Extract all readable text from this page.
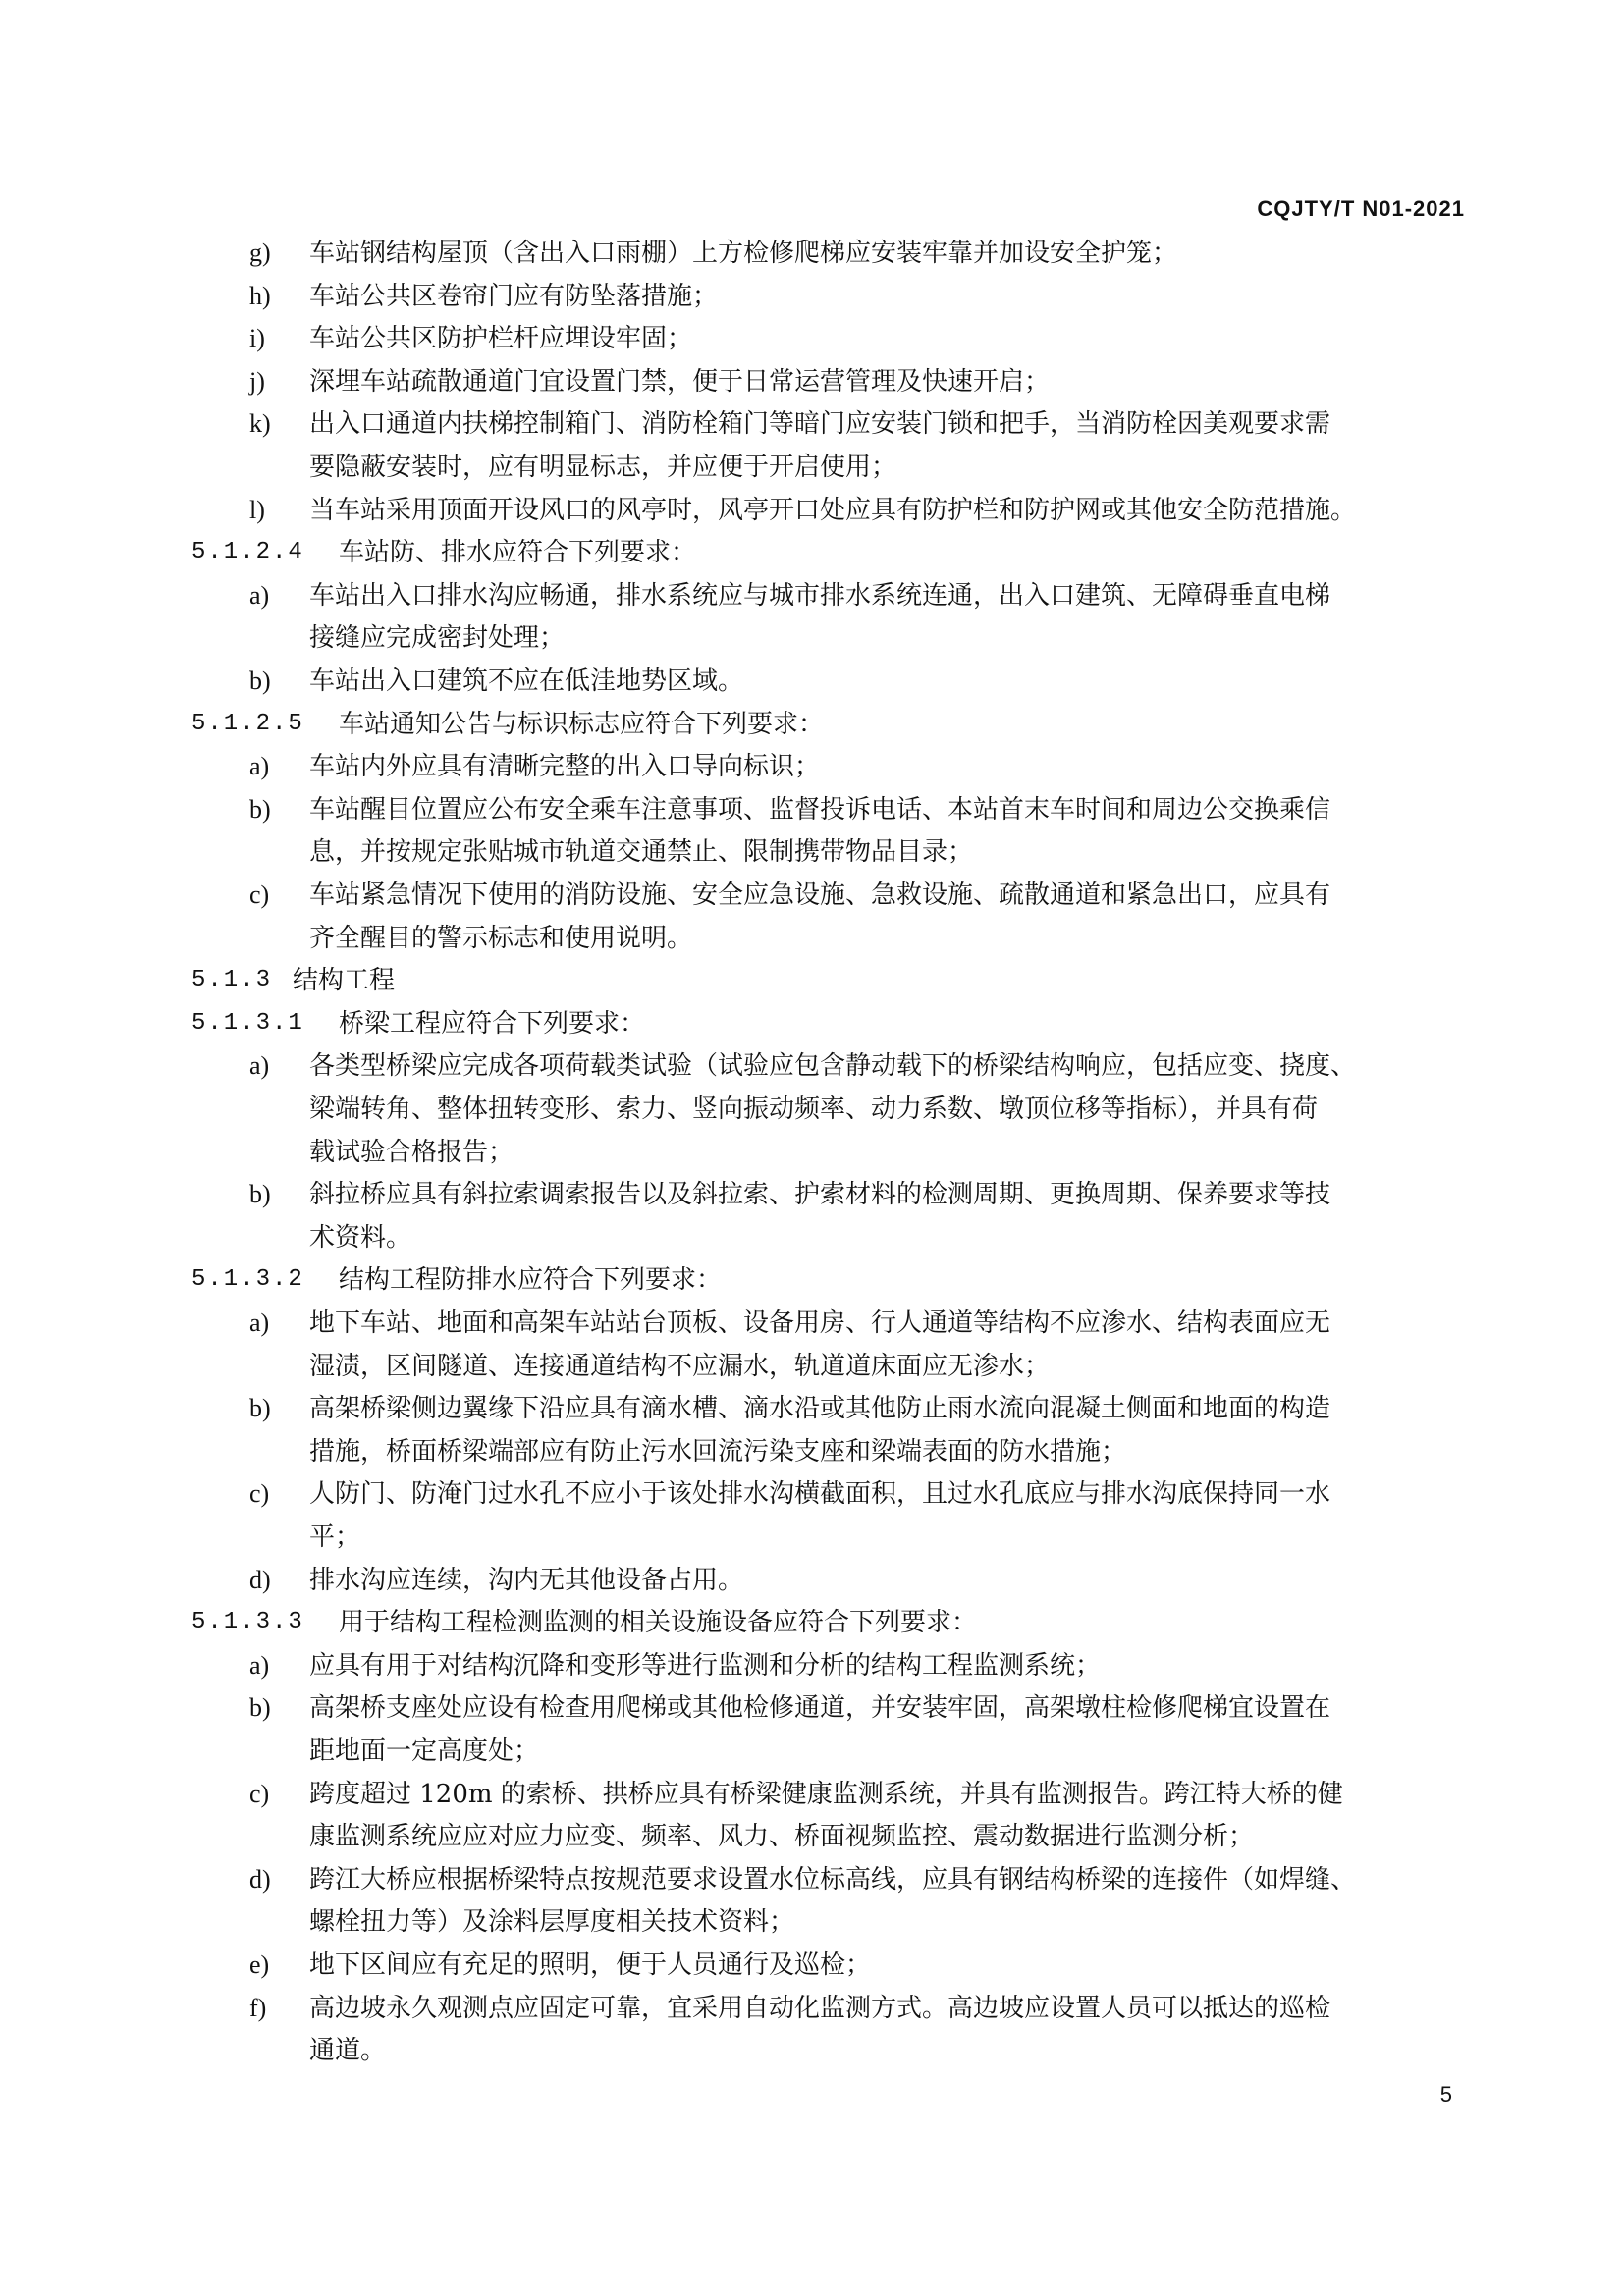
CQJTY/T N01-2021
g) 车站钢结构屋顶（含出入口雨棚）上方检修爬梯应安装牢靠并加设安全护笼；
h) 车站公共区卷帘门应有防坠落措施；
i) 车站公共区防护栏杆应埋设牢固；
j) 深埋车站疏散通道门宜设置门禁，便于日常运营管理及快速开启；
k) 出入口通道内扶梯控制箱门、消防栓箱门等暗门应安装门锁和把手，当消防栓因美观要求需
要隐蔽安装时，应有明显标志，并应便于开启使用；
l) 当车站采用顶面开设风口的风亭时，风亭开口处应具有防护栏和防护网或其他安全防范措施。
5.1.2.4 车站防、排水应符合下列要求：
a) 车站出入口排水沟应畅通，排水系统应与城市排水系统连通，出入口建筑、无障碍垂直电梯
接缝应完成密封处理；
b) 车站出入口建筑不应在低洼地势区域。
5.1.2.5 车站通知公告与标识标志应符合下列要求：
a) 车站内外应具有清晰完整的出入口导向标识；
b) 车站醒目位置应公布安全乘车注意事项、监督投诉电话、本站首末车时间和周边公交换乘信
息，并按规定张贴城市轨道交通禁止、限制携带物品目录；
c) 车站紧急情况下使用的消防设施、安全应急设施、急救设施、疏散通道和紧急出口，应具有
齐全醒目的警示标志和使用说明。
5.1.3 结构工程
5.1.3.1 桥梁工程应符合下列要求：
a) 各类型桥梁应完成各项荷载类试验（试验应包含静动载下的桥梁结构响应，包括应变、挠度、
梁端转角、整体扭转变形、索力、竖向振动频率、动力系数、墩顶位移等指标），并具有荷
载试验合格报告；
b) 斜拉桥应具有斜拉索调索报告以及斜拉索、护索材料的检测周期、更换周期、保养要求等技
术资料。
5.1.3.2 结构工程防排水应符合下列要求：
a) 地下车站、地面和高架车站站台顶板、设备用房、行人通道等结构不应渗水、结构表面应无
湿渍，区间隧道、连接通道结构不应漏水，轨道道床面应无渗水；
b) 高架桥梁侧边翼缘下沿应具有滴水槽、滴水沿或其他防止雨水流向混凝土侧面和地面的构造
措施，桥面桥梁端部应有防止污水回流污染支座和梁端表面的防水措施；
c) 人防门、防淹门过水孔不应小于该处排水沟横截面积，且过水孔底应与排水沟底保持同一水
平；
d) 排水沟应连续，沟内无其他设备占用。
5.1.3.3 用于结构工程检测监测的相关设施设备应符合下列要求：
a) 应具有用于对结构沉降和变形等进行监测和分析的结构工程监测系统；
b) 高架桥支座处应设有检查用爬梯或其他检修通道，并安装牢固，高架墩柱检修爬梯宜设置在
距地面一定高度处；
c) 跨度超过 120m 的索桥、拱桥应具有桥梁健康监测系统，并具有监测报告。跨江特大桥的健
康监测系统应应对应力应变、频率、风力、桥面视频监控、震动数据进行监测分析；
d) 跨江大桥应根据桥梁特点按规范要求设置水位标高线，应具有钢结构桥梁的连接件（如焊缝、
螺栓扭力等）及涂料层厚度相关技术资料；
e) 地下区间应有充足的照明，便于人员通行及巡检；
f) 高边坡永久观测点应固定可靠，宜采用自动化监测方式。高边坡应设置人员可以抵达的巡检
通道。
5
